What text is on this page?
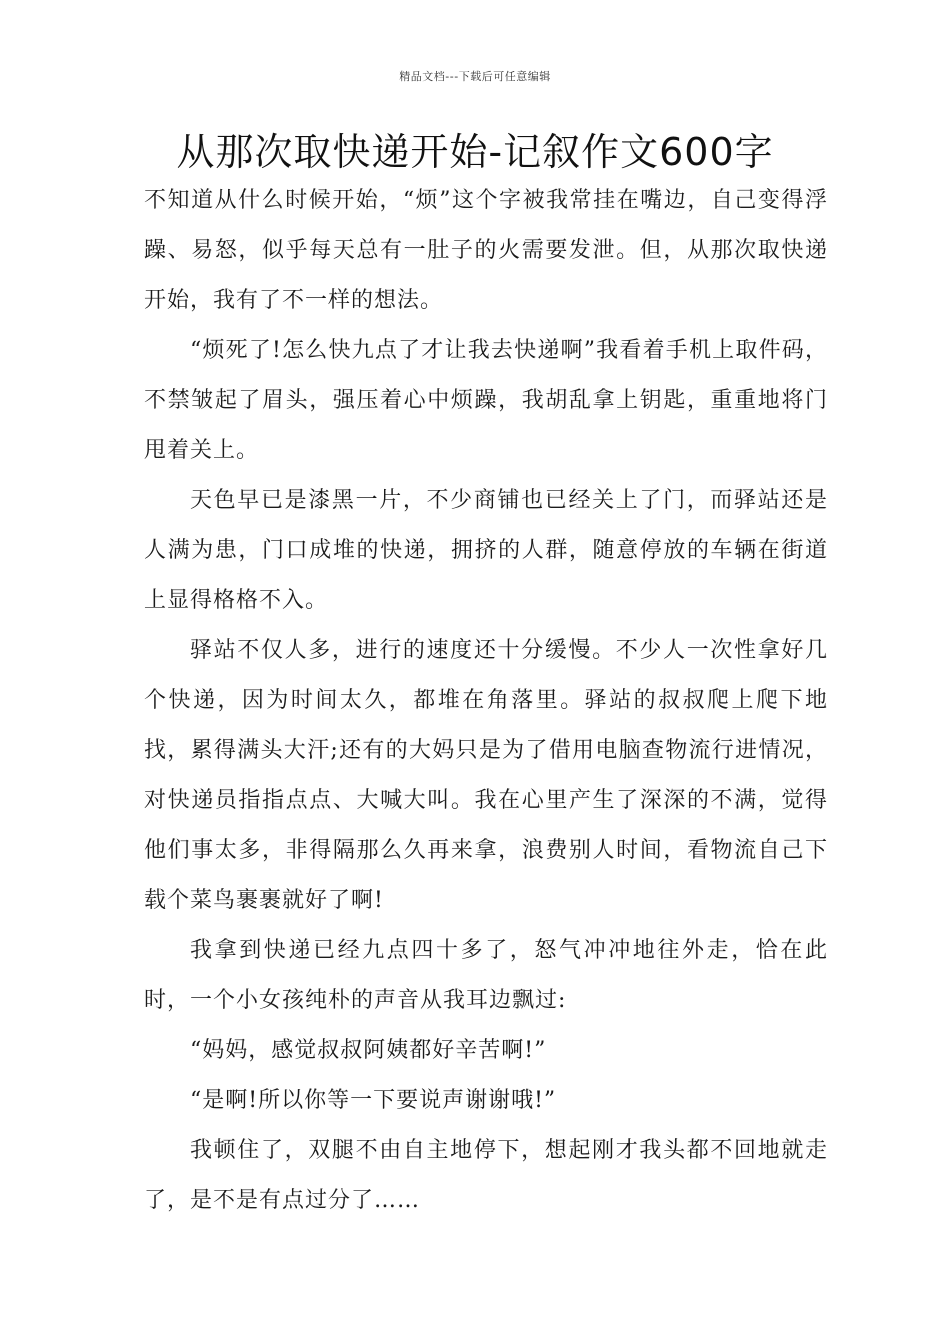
精品文档---下载后可任意编辑
从那次取快递开始-记叙作文600字

不知道从什么时候开始，“烦”这个字被我常挂在嘴边，自己变得浮躁、易怒，似乎每天总有一肚子的火需要发泄。但，从那次取快递开始，我有了不一样的想法。

“烦死了!怎么快九点了才让我去快递啊”我看着手机上取件码，不禁皱起了眉头，强压着心中烦躁，我胡乱拿上钥匙，重重地将门甩着关上。

天色早已是漆黑一片，不少商铺也已经关上了门，而驿站还是人满为患，门口成堆的快递，拥挤的人群，随意停放的车辆在街道上显得格格不入。

驿站不仅人多，进行的速度还十分缓慢。不少人一次性拿好几个快递，因为时间太久，都堆在角落里。驿站的叔叔爬上爬下地找，累得满头大汗;还有的大妈只是为了借用电脑查物流行进情况，对快递员指指点点、大喊大叫。我在心里产生了深深的不满，觉得他们事太多，非得隔那么久再来拿，浪费别人时间，看物流自己下载个菜鸟裹裹就好了啊!

我拿到快递已经九点四十多了，怒气冲冲地往外走，恰在此时，一个小女孩纯朴的声音从我耳边飘过:

“妈妈，感觉叔叔阿姨都好辛苦啊!”

“是啊!所以你等一下要说声谢谢哦!”

我顿住了，双腿不由自主地停下，想起刚才我头都不回地就走了，是不是有点过分了……
